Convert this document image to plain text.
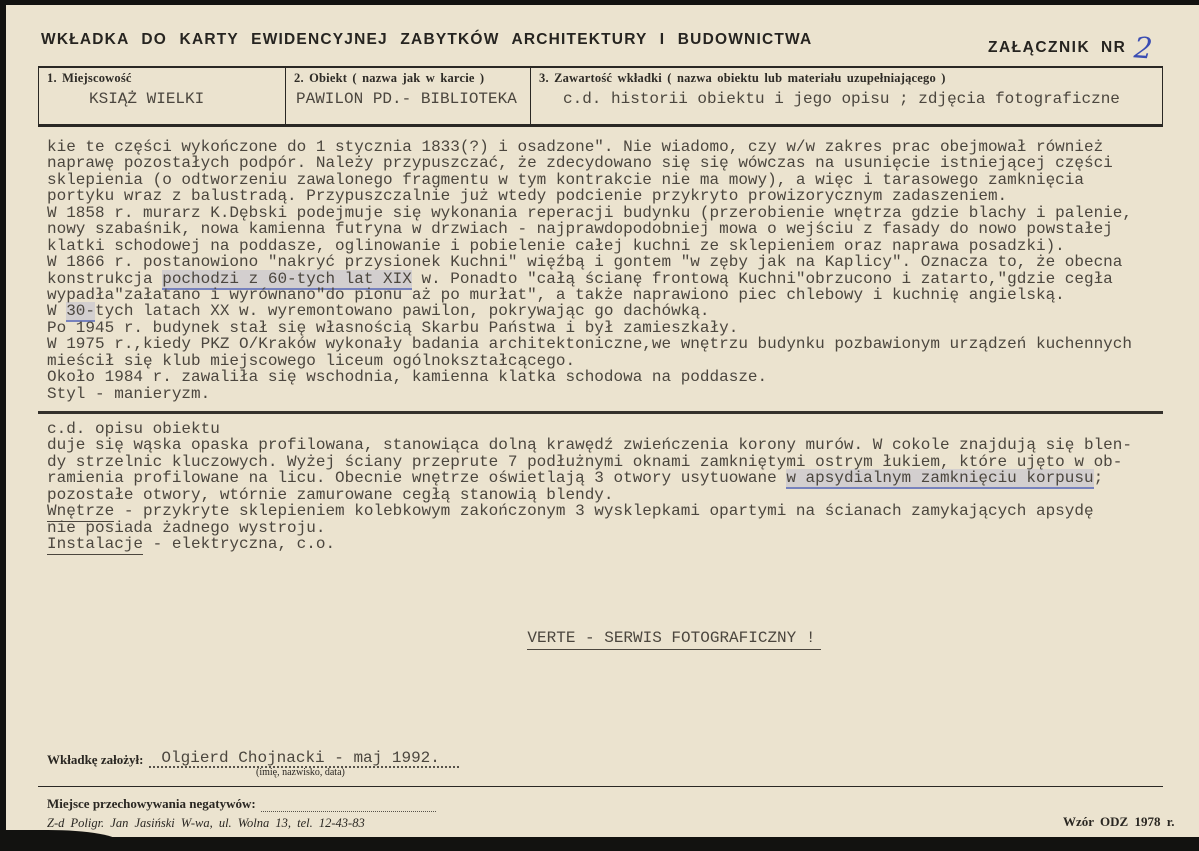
WKŁADKA DO KARTY EWIDENCYJNEJ ZABYTKÓW ARCHITEKTURY I BUDOWNICTWA	ZAŁĄCZNIK NR 2
1. Miejscowość
KSIĄŻ WIELKI
2. Obiekt ( nazwa jak w karcie )
PAWILON PD.- BIBLIOTEKA
3. Zawartość wkładki ( nazwa obiektu lub materiału uzupełniającego )
c.d. historii obiektu i jego opisu ; zdjęcia fotograficzne
kie te części wykończone do 1 stycznia 1833(?) i osadzone". Nie wiadomo, czy w/w zakres prac obejmował również
naprawę pozostałych podpór. Należy przypuszczać, że zdecydowano się się wówczas na usunięcie istniejącej części
sklepienia (o odtworzeniu zawalonego fragmentu w tym kontrakcie nie ma mowy), a więc i tarasowego zamknięcia
portyku wraz z balustradą. Przypuszczalnie już wtedy podcienie przykryto prowizorycznym zadaszeniem.
W 1858 r. murarz K.Dębski podejmuje się wykonania reperacji budynku (przerobienie wnętrza gdzie blachy i palenie,
nowy szabaśnik, nowa kamienna futryna w drzwiach - najprawdopodobniej mowa o wejściu z fasady do nowo powstałej
klatki schodowej na poddasze, oglinowanie i pobielenie całej kuchni ze sklepieniem oraz naprawa posadzki).
W 1866 r. postanowiono "nakryć przysionek Kuchni" więźbą i gontem "w zęby jak na Kaplicy". Oznacza to, że obecna
konstrukcja pochodzi z 60-tych lat XIX w. Ponadto "całą ścianę frontową Kuchni"obrzucono i zatarto,"gdzie cegła
wypadła"załatano i wyrównano"do pionu aż po murłat", a także naprawiono piec chlebowy i kuchnię angielską.
W 30-tych latach XX w. wyremontowano pawilon, pokrywając go dachówką.
Po 1945 r. budynek stał się własnością Skarbu Państwa i był zamieszkały.
W 1975 r.,kiedy PKZ O/Kraków wykonały badania architektoniczne,we wnętrzu budynku pozbawionym urządzeń kuchennych
mieścił się klub miejscowego liceum ogólnokształcącego.
Około 1984 r. zawaliła się wschodnia, kamienna klatka schodowa na poddasze.
Styl - manieryzm.
c.d. opisu obiektu
duje się wąska opaska profilowana, stanowiąca dolną krawędź zwieńczenia korony murów. W cokole znajdują się blen-
dy strzelnic kluczowych. Wyżej ściany przeprute 7 podłużnymi oknami zamkniętymi ostrym łukiem, które ujęto w ob-
ramienia profilowane na licu. Obecnie wnętrze oświetlają 3 otwory usytuowane w apsydialnym zamknięciu korpusu;
pozostałe otwory, wtórnie zamurowane cegłą stanowią blendy.
Wnętrze - przykryte sklepieniem kolebkowym zakończonym 3 wysklepkami opartymi na ścianach zamykających apsydę
nie posiada żadnego wystroju.
Instalacje - elektryczna, c.o.

VERTE - SERWIS FOTOGRAFICZNY !

Wkładkę założył: Olgierd Chojnacki - maj 1992.
(imię, nazwisko, data)
Miejsce przechowywania negatywów:
Z-d Poligr. Jan Jasiński W-wa, ul. Wolna 13, tel. 12-43-83	Wzór ODZ 1978 r.
